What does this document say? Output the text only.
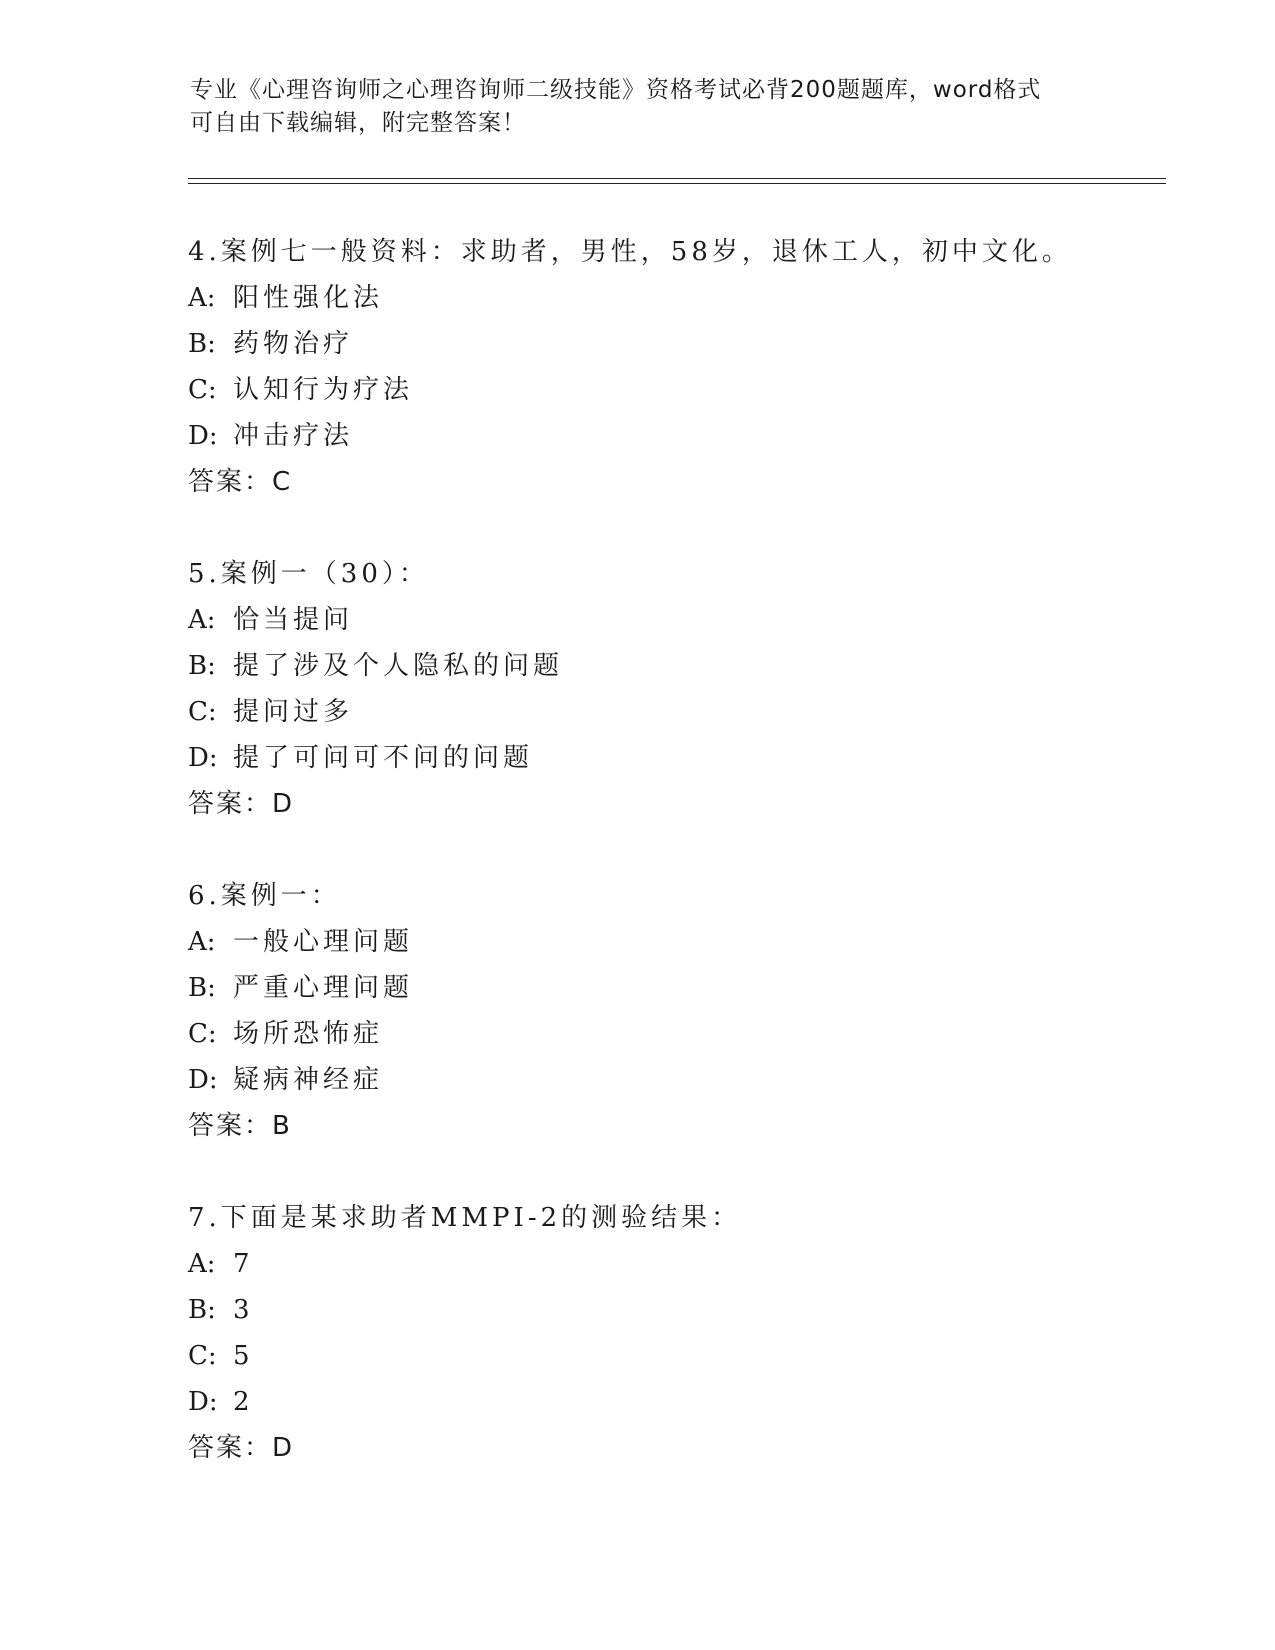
专业《心理咨询师之心理咨询师二级技能》资格考试必背200题题库，word格式
可自由下载编辑，附完整答案！
4.案例七一般资料：求助者，男性，58岁，退休工人，初中文化。
A: 阳性强化法
B: 药物治疗
C: 认知行为疗法
D: 冲击疗法
答案：C
5.案例一（30）：
A: 恰当提问
B: 提了涉及个人隐私的问题
C: 提问过多
D: 提了可问可不问的问题
答案：D
6.案例一：
A: 一般心理问题
B: 严重心理问题
C: 场所恐怖症
D: 疑病神经症
答案：B
7.下面是某求助者MMPI-2的测验结果：
A: 7
B: 3
C: 5
D: 2
答案：D
